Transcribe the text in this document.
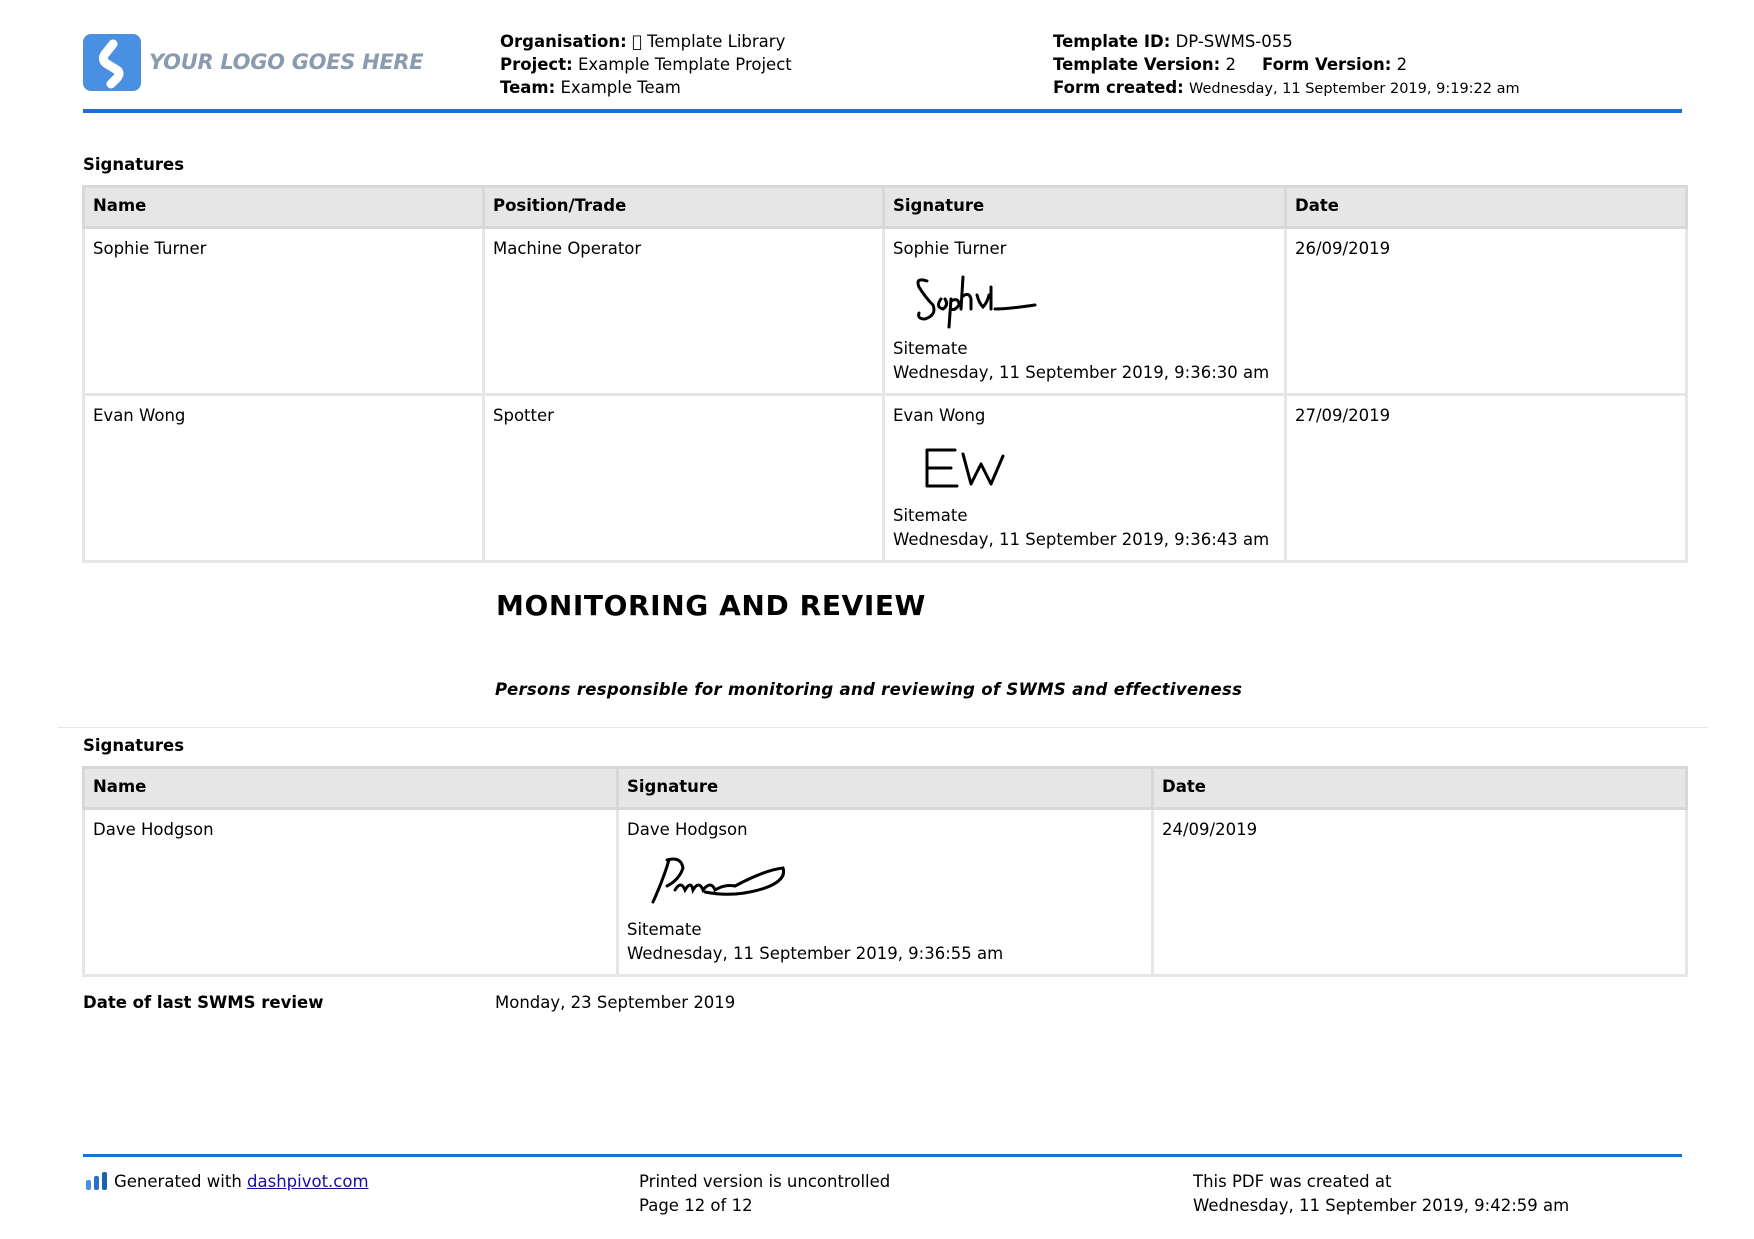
YOUR LOGO GOES HERE
Organisation: Template Library
Project: Example Template Project
Team: Example Team
Template ID: DP-SWMS-055
Template Version: 2 Form Version: 2
Form created: Wednesday, 11 September 2019, 9:19:22 am
Signatures
Name	Position/Trade	Signature	Date
Sophie Turner	Machine Operator	Sophie Turner
Sitemate
Wednesday, 11 September 2019, 9:36:30 am	26/09/2019
Evan Wong	Spotter	Evan Wong
Sitemate
Wednesday, 11 September 2019, 9:36:43 am	27/09/2019
MONITORING AND REVIEW
Persons responsible for monitoring and reviewing of SWMS and effectiveness
Signatures
Name	Signature	Date
Dave Hodgson	Dave Hodgson
Sitemate
Wednesday, 11 September 2019, 9:36:55 am	24/09/2019
Date of last SWMS review	Monday, 23 September 2019
Generated with dashpivot.com	Printed version is uncontrolled
Page 12 of 12
This PDF was created at
Wednesday, 11 September 2019, 9:42:59 am
